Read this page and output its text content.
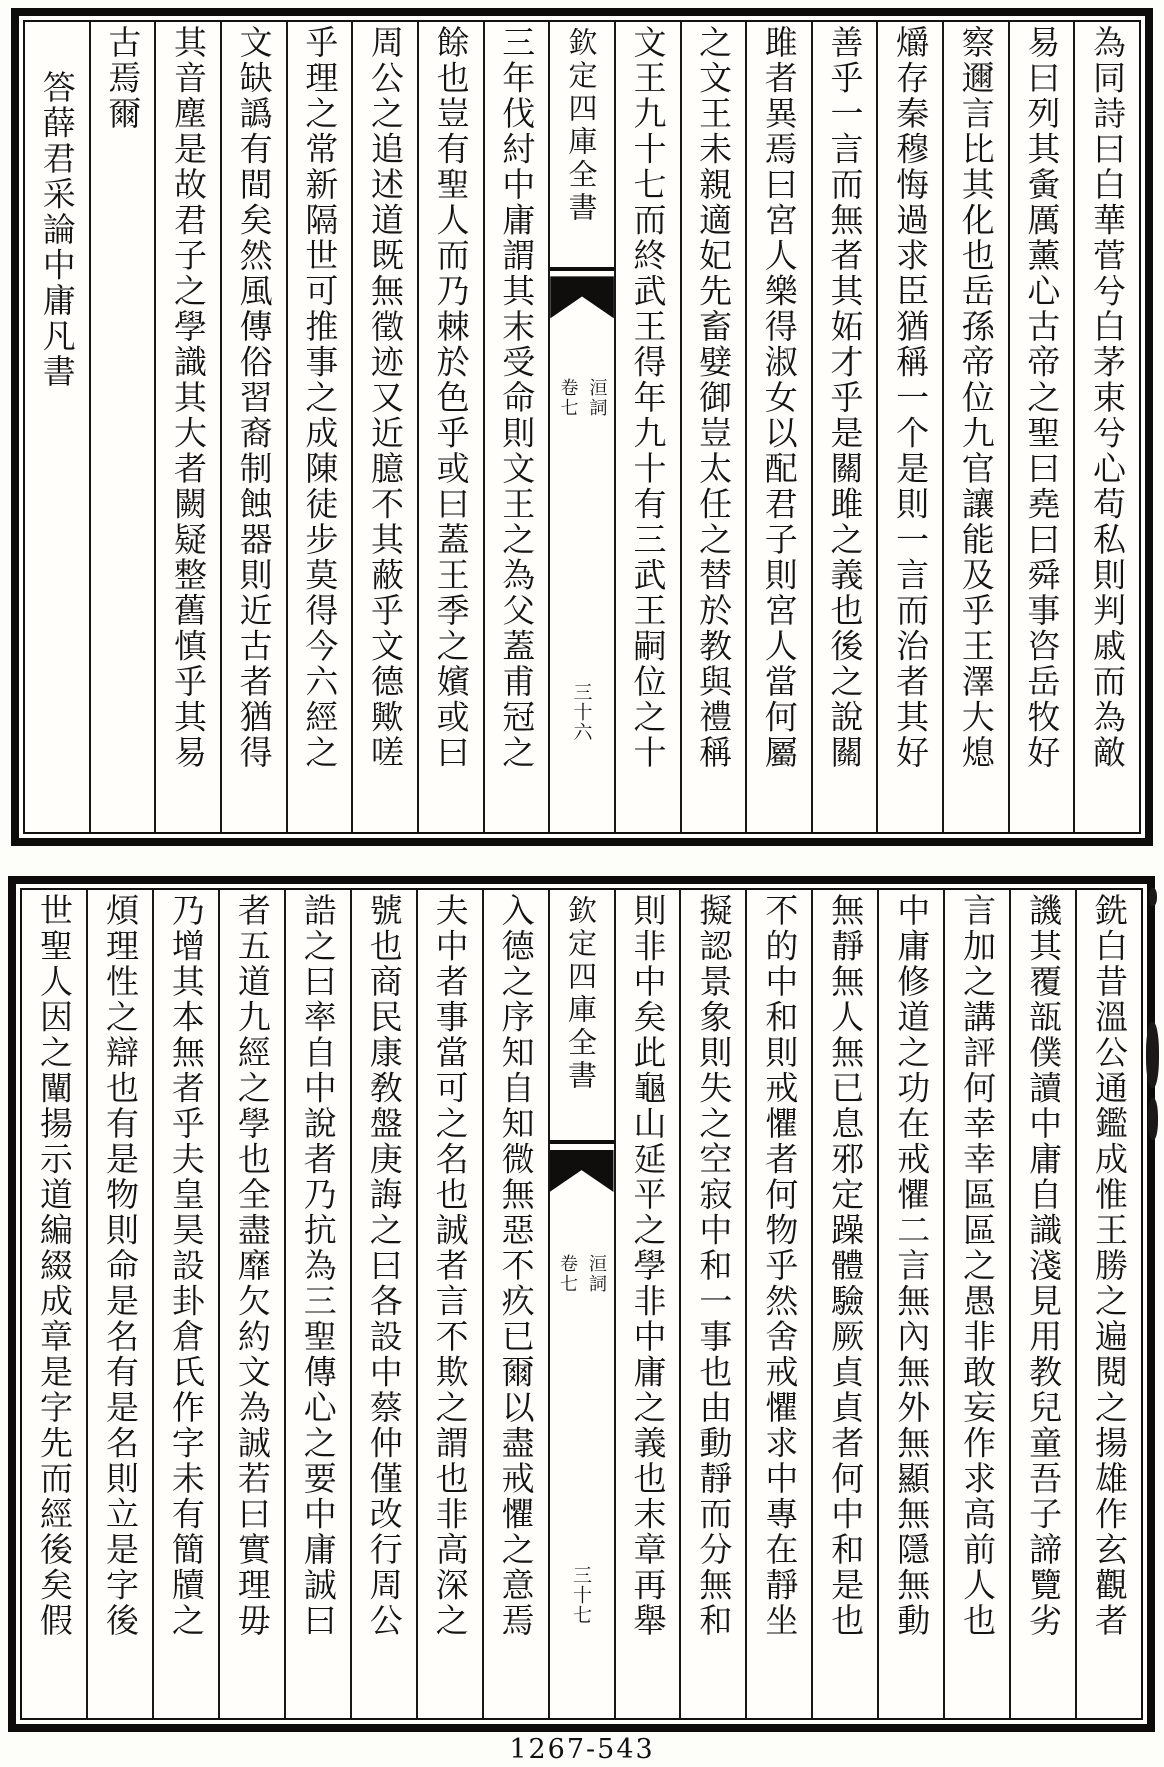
為同詩曰白華菅兮白茅束兮心苟私則判戚而為敵
易曰列其夤厲薰心古帝之聖曰堯曰舜事咨岳牧好
察邇言比其化也岳孫帝位九官讓能及乎王澤大熄
爝存秦穆悔過求臣猶稱一个是則一言而治者其好
善乎一言而無者其妬才乎是關雎之義也後之說關
雎者異焉曰宮人樂得淑女以配君子則宮人當何屬
之文王未親適妃先畜嬖御豈太任之替於教與禮稱
文王九十七而終武王得年九十有三武王嗣位之十
欽定四庫全書
洹詞
卷七
三十六
三年伐紂中庸謂其末受命則文王之為父蓋甫冠之
餘也豈有聖人而乃棘於色乎或曰蓋王季之嬪或曰
周公之追述道既無徵迹又近臆不其蔽乎文德歟嗟
乎理之常新隔世可推事之成陳徒步莫得今六經之
文缺譌有間矣然風傳俗習裔制蝕器則近古者猶得
其音塵是故君子之學識其大者闕疑整舊慎乎其易
古焉爾
答薛君采論中庸凡書
銑白昔溫公通鑑成惟王勝之遍閱之揚雄作玄觀者
譏其覆瓿僕讀中庸自識淺見用教兒童吾子諦覽劣
言加之講評何幸幸區區之愚非敢妄作求高前人也
中庸修道之功在戒懼二言無內無外無顯無隱無動
無靜無人無已息邪定躁體驗厥貞貞者何中和是也
不的中和則戒懼者何物乎然舍戒懼求中專在靜坐
擬認景象則失之空寂中和一事也由動靜而分無和
則非中矣此龜山延平之學非中庸之義也末章再舉
欽定四庫全書
洹詞
卷七
三十七
入德之序知自知微無惡不疚已爾以盡戒懼之意焉
夫中者事當可之名也誠者言不欺之謂也非高深之
號也商民康敎盤庚誨之曰各設中蔡仲僅改行周公
誥之曰率自中說者乃抗為三聖傳心之要中庸誠曰
者五道九經之學也全盡靡欠約文為誠若曰實理毋
乃增其本無者乎夫皇昊設卦倉氏作字未有簡牘之
煩理性之辯也有是物則命是名有是名則立是字後
世聖人因之闡揚示道編綴成章是字先而經後矣假
1267-543
